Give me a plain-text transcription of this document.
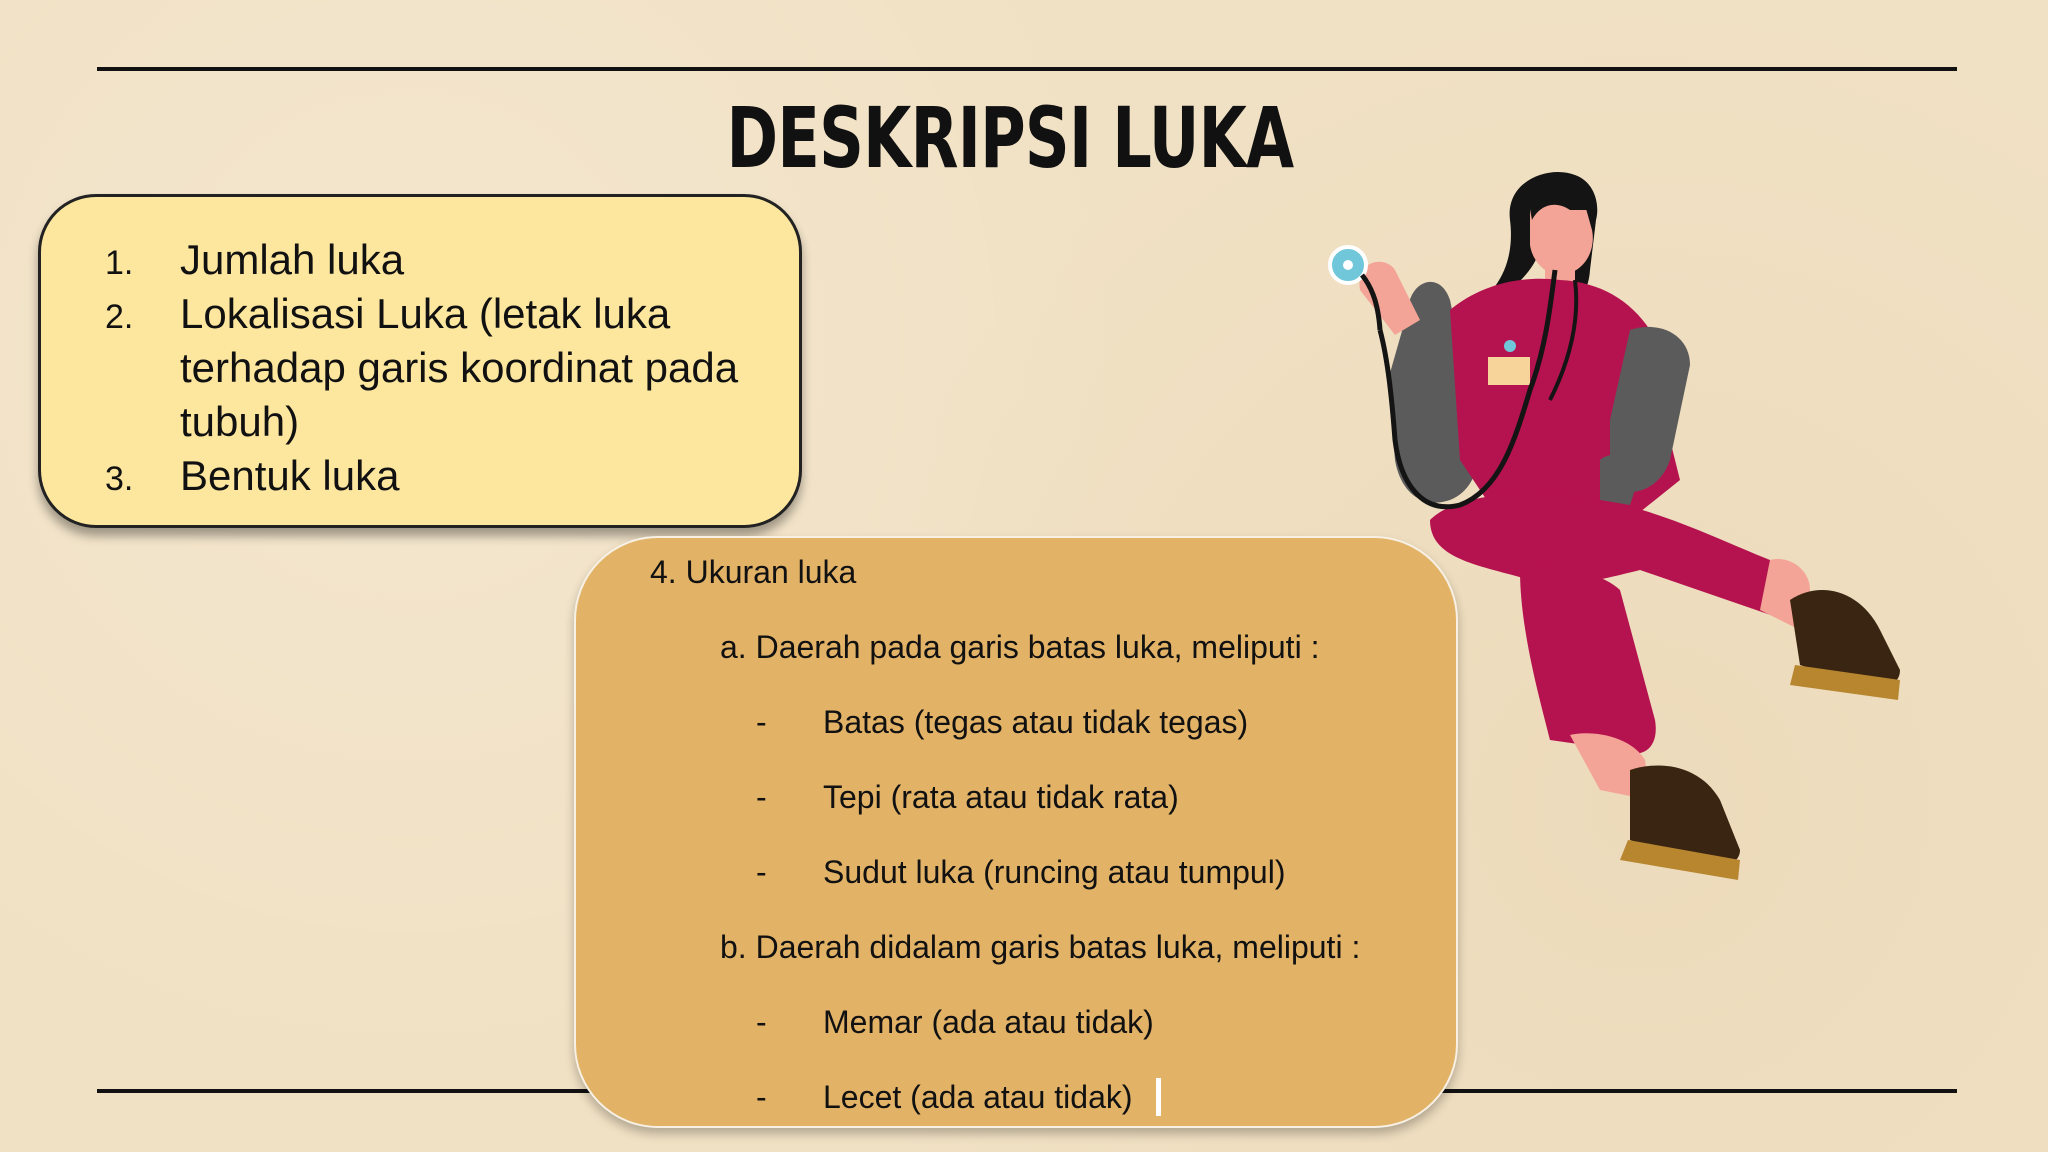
DESKRIPSI LUKA
1. Jumlah luka
2. Lokalisasi Luka (letak luka terhadap garis koordinat pada tubuh)
3. Bentuk luka
4. Ukuran luka
a. Daerah pada garis batas luka, meliputi :
- Batas (tegas atau tidak tegas)
- Tepi (rata atau tidak rata)
- Sudut luka (runcing atau tumpul)
b. Daerah didalam garis batas luka, meliputi :
- Memar (ada atau tidak)
- Lecet (ada atau tidak)
